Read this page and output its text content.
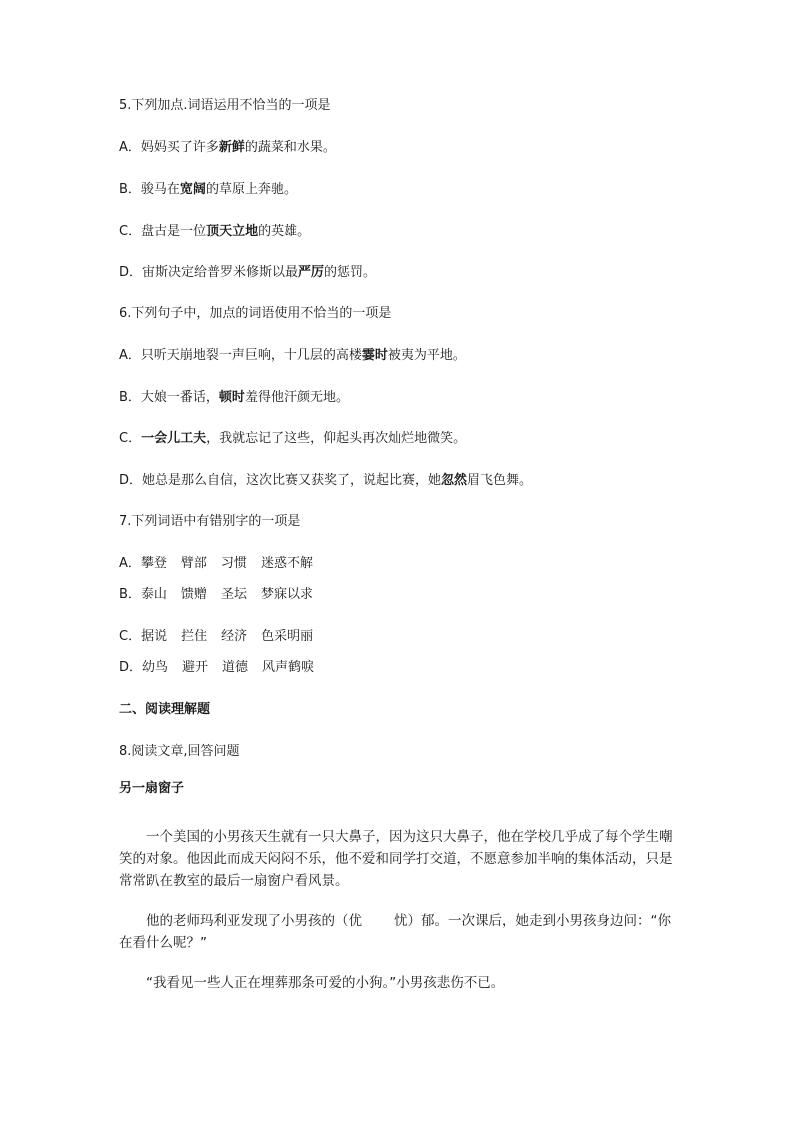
5.下列加点.词语运用不恰当的一项是
A．妈妈买了许多新鲜的蔬菜和水果。
B．骏马在宽阔的草原上奔驰。
C．盘古是一位顶天立地的英雄。
D．宙斯决定给普罗米修斯以最严厉的惩罚。
6.下列句子中，加点的词语使用不恰当的一项是
A．只听天崩地裂一声巨响，十几层的高楼霎时被夷为平地。
B．大娘一番话，顿时羞得他汗颜无地。
C．一会儿工夫，我就忘记了这些，仰起头再次灿烂地微笑。
D．她总是那么自信，这次比赛又获奖了，说起比赛，她忽然眉飞色舞。
7.下列词语中有错别字的一项是
A．攀登 臂部 习惯 迷惑不解
B．泰山 馈赠 圣坛 梦寐以求
C．据说 拦住 经济 色采明丽
D．幼鸟 避开 道德 风声鹤唳
二、阅读理解题
8.阅读文章,回答问题
另一扇窗子
一个美国的小男孩天生就有一只大鼻子，因为这只大鼻子，他在学校几乎成了每个学生嘲笑的对象。他因此而成天闷闷不乐，他不爱和同学打交道，不愿意参加半响的集体活动，只是常常趴在教室的最后一扇窗户看风景。
他的老师玛利亚发现了小男孩的（优 忧）郁。一次课后，她走到小男孩身边问：“你在看什么呢？”
“我看见一些人正在埋葬那条可爱的小狗。”小男孩悲伤不已。
